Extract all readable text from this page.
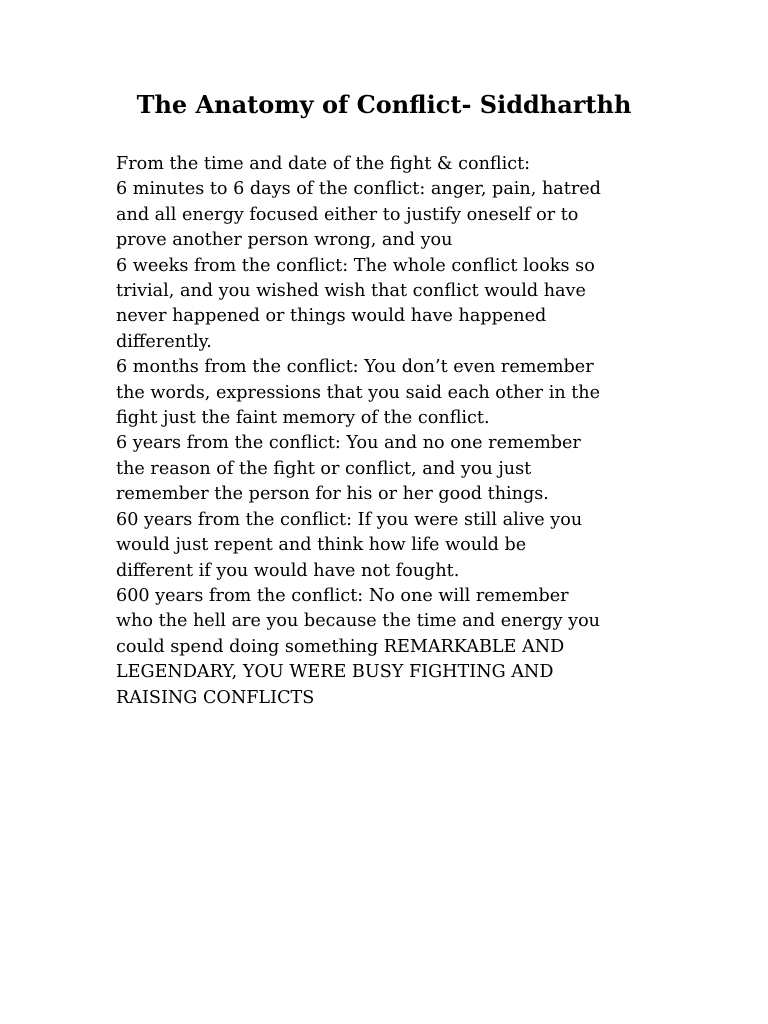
The Anatomy of Conflict- Siddharthh
From the time and date of the fight & conflict:
6 minutes to 6 days of the conflict: anger, pain, hatred
and all energy focused either to justify oneself or to
prove another person wrong, and you
6 weeks from the conflict: The whole conflict looks so
trivial, and you wished wish that conflict would have
never happened or things would have happened
differently.
6 months from the conflict: You don’t even remember
the words, expressions that you said each other in the
fight just the faint memory of the conflict.
6 years from the conflict: You and no one remember
the reason of the fight or conflict, and you just
remember the person for his or her good things.
60 years from the conflict: If you were still alive you
would just repent and think how life would be
different if you would have not fought.
600 years from the conflict: No one will remember
who the hell are you because the time and energy you
could spend doing something REMARKABLE AND
LEGENDARY, YOU WERE BUSY FIGHTING AND
RAISING CONFLICTS
